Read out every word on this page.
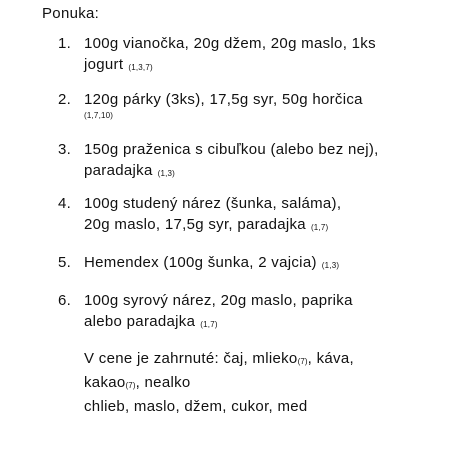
Ponuka:
1. 100g vianočka, 20g džem, 20g maslo, 1ks
jogurt (1,3,7)
2. 120g párky (3ks), 17,5g syr, 50g horčica
(1,7,10)
3. 150g praženica s cibuľkou (alebo bez nej),
paradajka (1,3)
4. 100g studený nárez (šunka, saláma),
20g maslo, 17,5g syr, paradajka (1,7)
5. Hemendex (100g šunka, 2 vajcia) (1,3)
6. 100g syrový nárez, 20g maslo, paprika
alebo paradajka (1,7)
V cene je zahrnuté: čaj, mlieko(7), káva,
kakao(7), nealko
chlieb, maslo, džem, cukor, med
